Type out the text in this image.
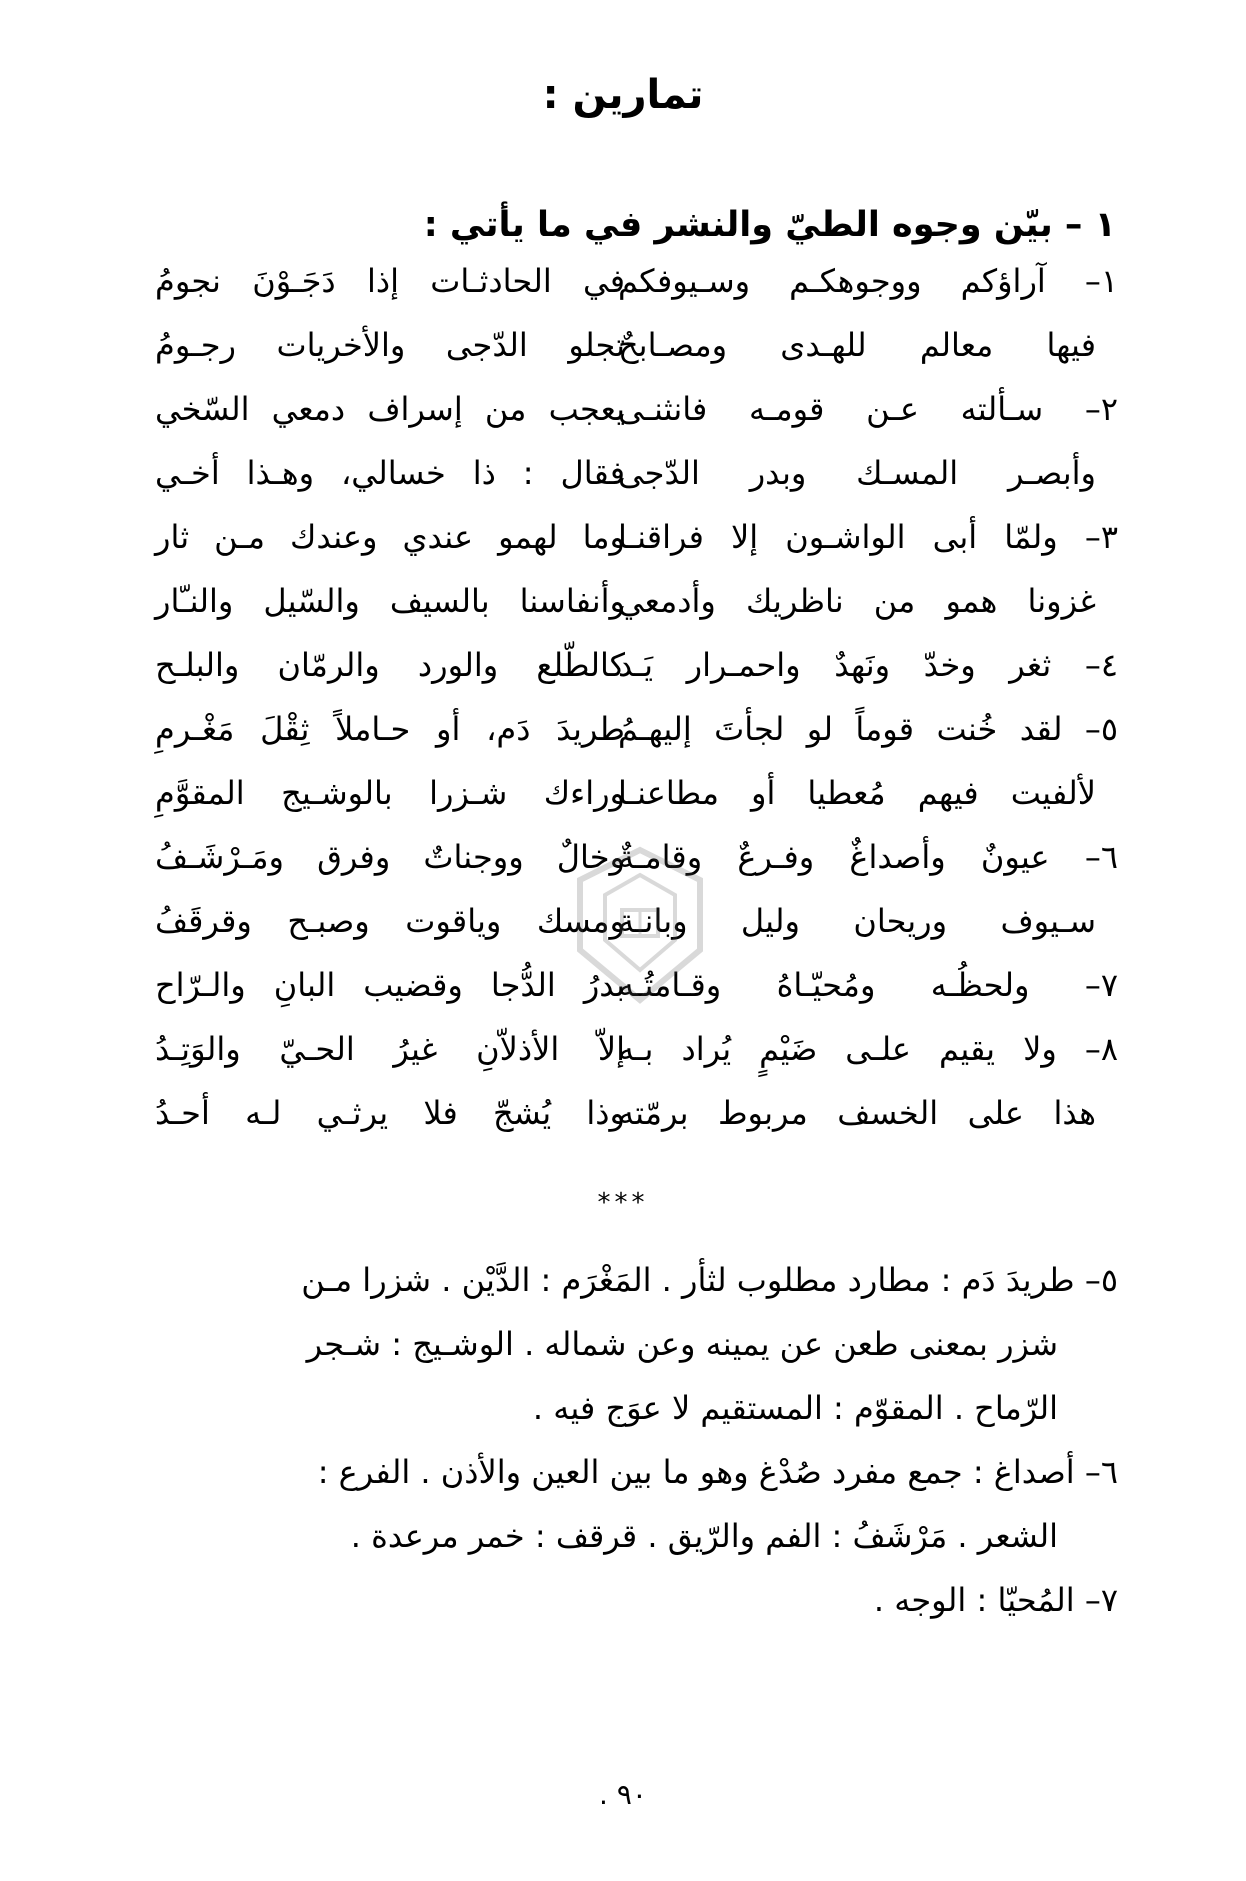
تمارين :
١ – بيّن وجوه الطيّ والنشر في ما يأتي :
١– آراؤكم ووجوهكـم وسـيوفكم
في الحادثـات إذا دَجَـوْنَ نجومُ
فيها معالم للهـدى ومصـابحٌ
تجلو الدّجى والأخريات رجـومُ
٢– سـألته عـن قومـه فانثنـى
يعجب من إسراف دمعي السّخي
وأبصـر المسـك وبدر الدّجى
فقال : ذا خسالي، وهـذا أخـي
٣– ولمّا أبى الواشـون إلا فراقنـا
وما لهمو عندي وعندك مـن ثار
غزونا همو من ناظريك وأدمعي
وأنفاسنا بالسيف والسّيل والنـّار
٤– ثغر وخدّ ونَهدٌ واحمـرار يَـد
كالطّلع والورد والرمّان والبلـح
٥– لقد خُنت قوماً لو لجأتَ إليهـمُ
طريدَ دَم، أو حـاملاً ثِقْلَ مَغْـرمِ
لألفيت فيهم مُعطيا أو مطاعنـا
وراءك شـزرا بالوشـيج المقوَّمِ
٦– عيونٌ وأصداغٌ وفـرعٌ وقامـةٌ
وخالٌ ووجناتٌ وفرق ومَـرْشَـفُ
سـيوف وريحان وليل وبانـة
ومسك وياقوت وصبـح وقرقَفُ
٧– ولحظُـه ومُحيّـاهُ وقـامتُـه
بدرُ الدُّجا وقضيب البانِ والـرّاح
٨– ولا يقيم علـى ضَيْمٍ يُراد بـه
إلاّ الأذلاّنِ غيرُ الحـيّ والوَتِـدُ
هذا على الخسف مربوط برمّته
وذا يُشجّ فلا يرثـي لـه أحـدُ
***
٥– طريدَ دَم : مطارد مطلوب لثأر . المَغْرَم : الدَّيْن . شزرا مـن
شزر بمعنى طعن عن يمينه وعن شماله . الوشـيج : شـجر
الرّماح . المقوّم : المستقيم لا عوَج فيه .
٦– أصداغ : جمع مفرد صُدْغ وهو ما بين العين والأذن . الفرع :
الشعر . مَرْشَفُ : الفم والرّيق . قرقف : خمر مرعدة .
٧– المُحيّا : الوجه .
٩٠ .
